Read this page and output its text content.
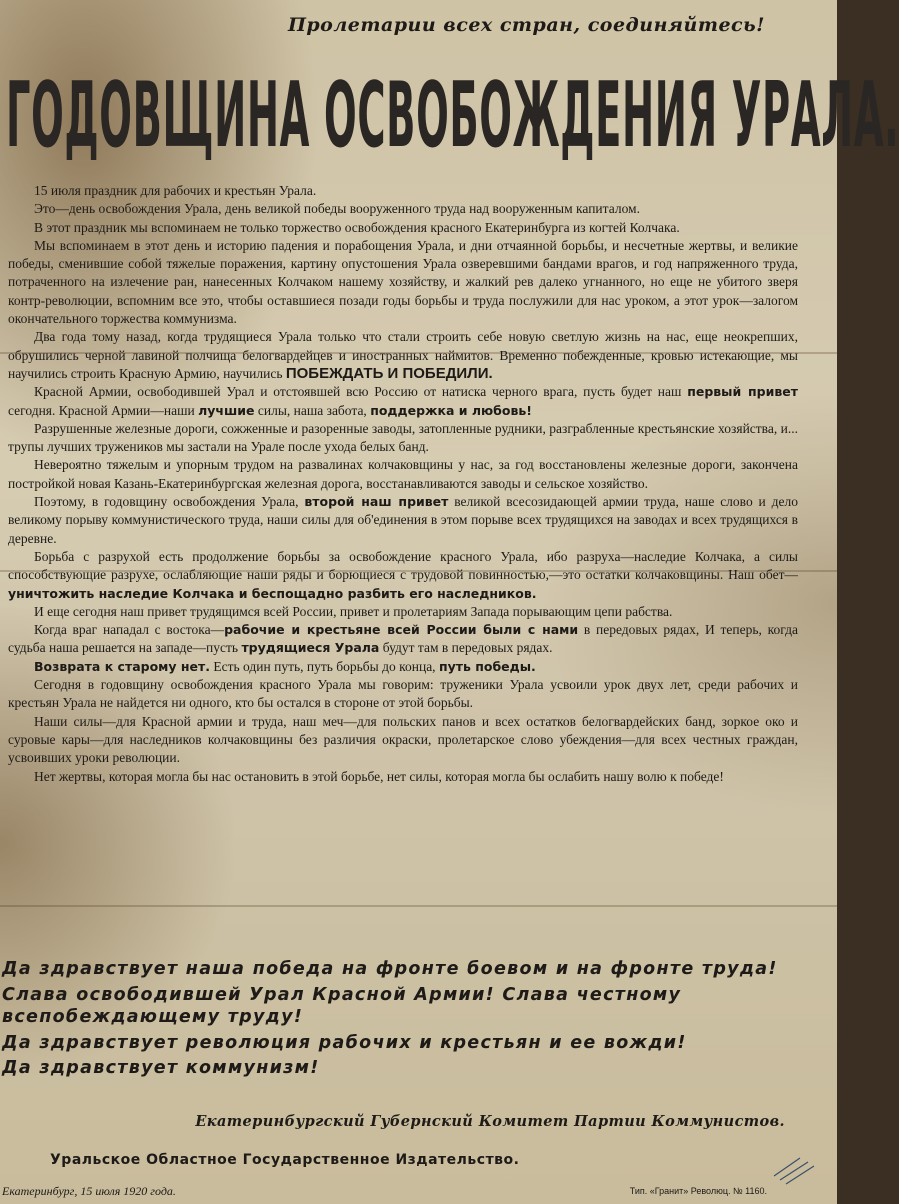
Пролетарии всех стран, соединяйтесь!
ГОДОВЩИНА ОСВОБОЖДЕНИЯ УРАЛА.

15 июля праздник для рабочих и крестьян Урала.

Это—день освобождения Урала, день великой победы вооруженного труда над вооруженным капиталом.

В этот праздник мы вспоминаем не только торжество освобождения красного Екатеринбурга из когтей Колчака.

Мы вспоминаем в этот день и историю падения и порабощения Урала, и дни отчаянной борьбы, и несчетные жертвы, и великие победы, сменившие собой тяжелые поражения, картину опустошения Урала озверевшими бандами врагов, и год напряженного труда, потраченного на излечение ран, нанесенных Колчаком нашему хозяйству, и жалкий рев далеко угнанного, но еще не убитого зверя контр-революции, вспомним все это, чтобы оставшиеся позади годы борьбы и труда послужили для нас уроком, а этот урок—залогом окончательного торжества коммунизма.

Два года тому назад, когда трудящиеся Урала только что стали строить себе новую светлую жизнь на нас, еще неокрепших, обрушились черной лавиной полчища белогвардейцев и иностранных наймитов. Временно побежденные, кровью истекающие, мы научились строить Красную Армию, научились ПОБЕЖДАТЬ И ПОБЕДИЛИ.

Красной Армии, освободившей Урал и отстоявшей всю Россию от натиска черного врага, пусть будет наш первый привет сегодня. Красной Армии—наши лучшие силы, наша забота, поддержка и любовь!

Разрушенные железные дороги, сожженные и разоренные заводы, затопленные рудники, разграбленные крестьянские хозяйства, и... трупы лучших тружеников мы застали на Урале после ухода белых банд.

Невероятно тяжелым и упорным трудом на развалинах колчаковщины у нас, за год восстановлены железные дороги, закончена постройкой новая Казань-Екатеринбургская железная дорога, восстанавливаются заводы и сельское хозяйство.

Поэтому, в годовщину освобождения Урала, второй наш привет великой всесозидающей армии труда, наше слово и дело великому порыву коммунистического труда, наши силы для об'единения в этом порыве всех трудящихся на заводах и всех трудящихся в деревне.

Борьба с разрухой есть продолжение борьбы за освобождение красного Урала, ибо разруха—наследие Колчака, а силы способствующие разрухе, ослабляющие наши ряды и борющиеся с трудовой повинностью,—это остатки колчаковщины. Наш обет—уничтожить наследие Колчака и беспощадно разбить его наследников.

И еще сегодня наш привет трудящимся всей России, привет и пролетариям Запада порывающим цепи рабства.

Когда враг нападал с востока—рабочие и крестьяне всей России были с нами в передовых рядах, И теперь, когда судьба наша решается на западе—пусть трудящиеся Урала будут там в передовых рядах.

Возврата к старому нет. Есть один путь, путь борьбы до конца, путь победы.

Сегодня в годовщину освобождения красного Урала мы говорим: труженики Урала усвоили урок двух лет, среди рабочих и крестьян Урала не найдется ни одного, кто бы остался в стороне от этой борьбы.

Наши силы—для Красной армии и труда, наш меч—для польских панов и всех остатков белогвардейских банд, зоркое око и суровые кары—для наследников колчаковщины без различия окраски, пролетарское слово убеждения—для всех честных граждан, усвоивших уроки революции.

Нет жертвы, которая могла бы нас остановить в этой борьбе, нет силы, которая могла бы ослабить нашу волю к победе!

Да здравствует наша победа на фронте боевом и на фронте труда!

Слава освободившей Урал Красной Армии! Слава честному всепобеждающему труду!

Да здравствует революция рабочих и крестьян и ее вожди!

Да здравствует коммунизм!

Екатеринбургский Губернский Комитет Партии Коммунистов.
Уральское Областное Государственное Издательство.
Екатеринбург, 15 июля 1920 года.	Тип. «Гранит» Революц. № 1160.
